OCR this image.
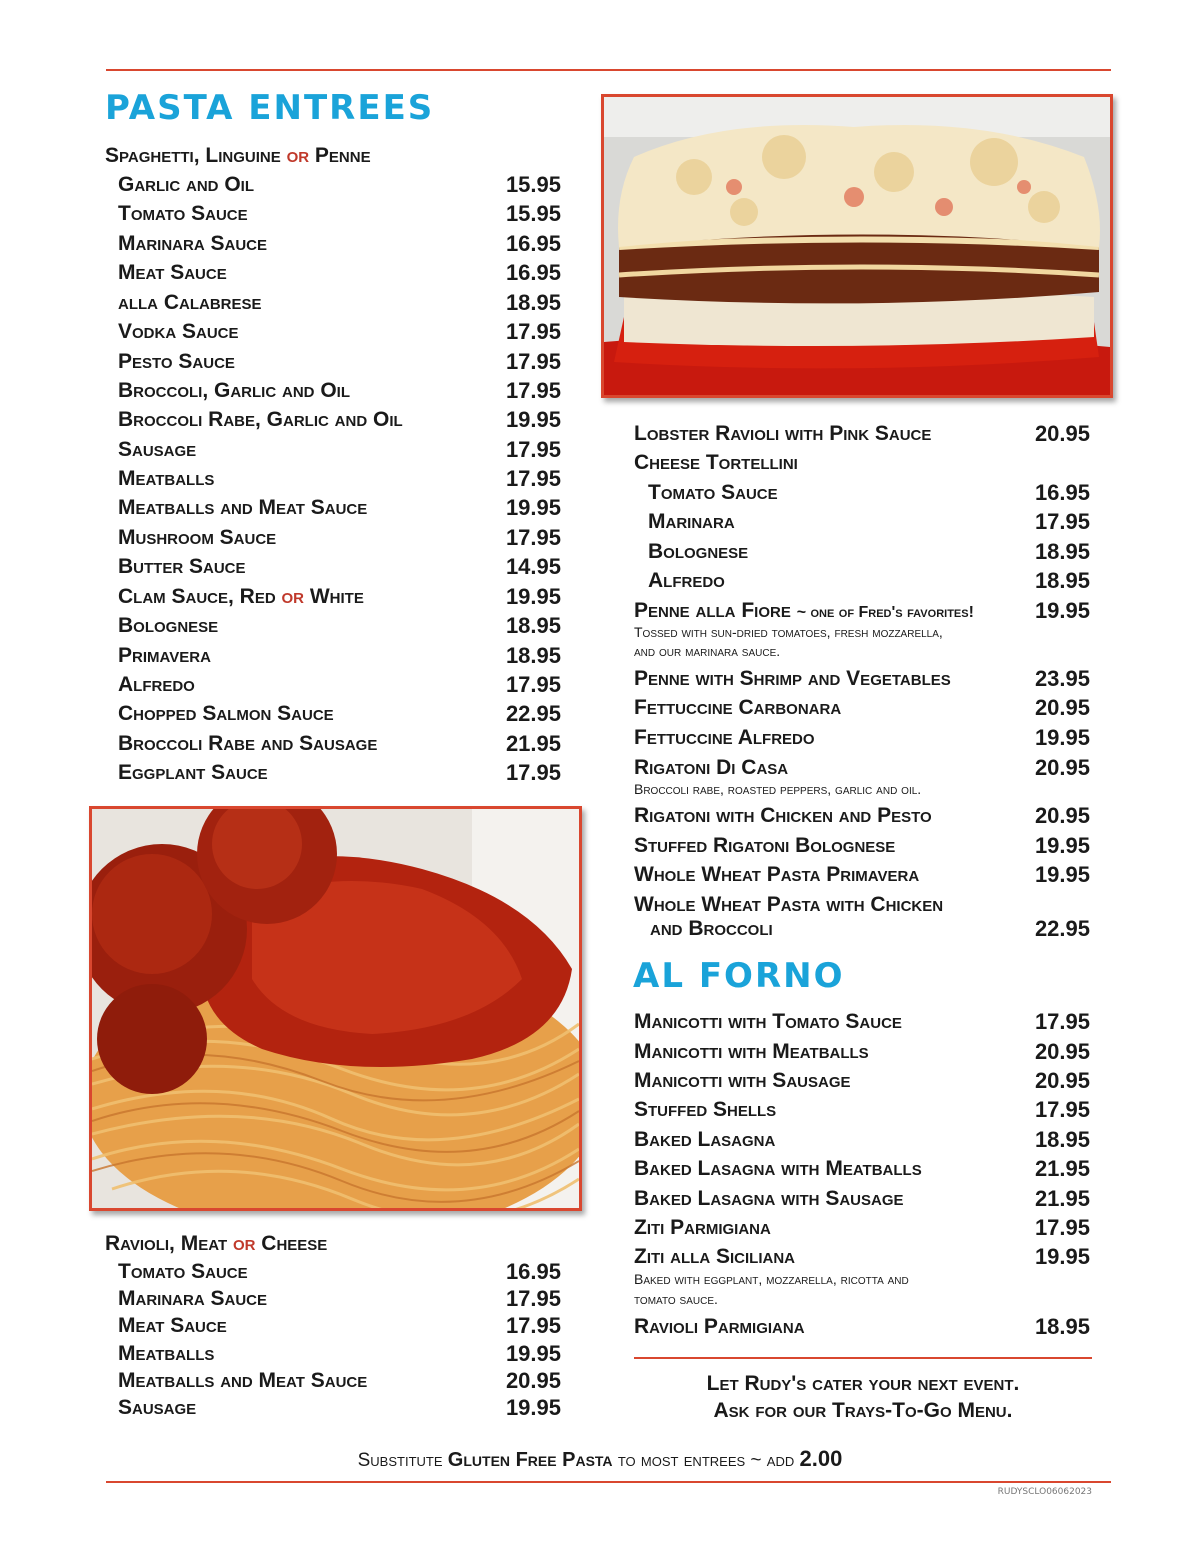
PASTA ENTREES
Spaghetti, Linguine or Penne
Garlic and Oil	15.95
Tomato Sauce	15.95
Marinara Sauce	16.95
Meat Sauce	16.95
alla Calabrese	18.95
Vodka Sauce	17.95
Pesto Sauce	17.95
Broccoli, Garlic and Oil	17.95
Broccoli Rabe, Garlic and Oil	19.95
Sausage	17.95
Meatballs	17.95
Meatballs and Meat Sauce	19.95
Mushroom Sauce	17.95
Butter Sauce	14.95
Clam Sauce, Red or White	19.95
Bolognese	18.95
Primavera	18.95
Alfredo	17.95
Chopped Salmon Sauce	22.95
Broccoli Rabe and Sausage	21.95
Eggplant Sauce	17.95
Ravioli, Meat or Cheese
Tomato Sauce	16.95
Marinara Sauce	17.95
Meat Sauce	17.95
Meatballs	19.95
Meatballs and Meat Sauce	20.95
Sausage	19.95
Lobster Ravioli with Pink Sauce	20.95
Cheese Tortellini
Tomato Sauce	16.95
Marinara	17.95
Bolognese	18.95
Alfredo	18.95
Penne alla Fiore ~ one of Fred's favorites!	19.95
Tossed with sun-dried tomatoes, fresh mozzarella,
and our marinara sauce.
Penne with Shrimp and Vegetables	23.95
Fettuccine Carbonara	20.95
Fettuccine Alfredo	19.95
Rigatoni Di Casa	20.95
Broccoli rabe, roasted peppers, garlic and oil.
Rigatoni with Chicken and Pesto	20.95
Stuffed Rigatoni Bolognese	19.95
Whole Wheat Pasta Primavera	19.95
Whole Wheat Pasta with Chicken
and Broccoli	22.95
AL FORNO
Manicotti with Tomato Sauce	17.95
Manicotti with Meatballs	20.95
Manicotti with Sausage	20.95
Stuffed Shells	17.95
Baked Lasagna	18.95
Baked Lasagna with Meatballs	21.95
Baked Lasagna with Sausage	21.95
Ziti Parmigiana	17.95
Ziti alla Siciliana	19.95
Baked with eggplant, mozzarella, ricotta and
tomato sauce.
Ravioli Parmigiana	18.95
Let Rudy's cater your next event.
Ask for our Trays-To-Go Menu.
Substitute Gluten Free Pasta to most entrees ~ add 2.00
RUDYSCLO06062023
